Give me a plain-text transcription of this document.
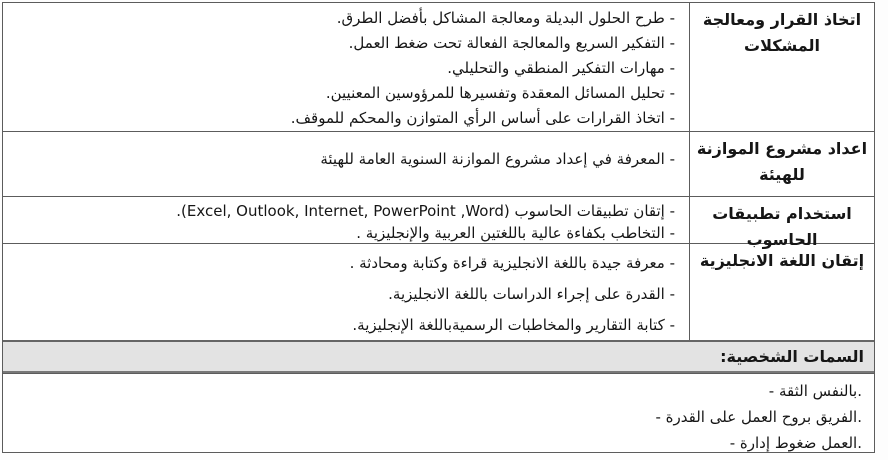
اتخاذ القرار ومعالجة المشكلات
- طرح الحلول البديلة ومعالجة المشاكل بأفضل الطرق.
- التفكير السريع والمعالجة الفعالة تحت ضغط العمل.
- مهارات التفكير المنطقي والتحليلي.
- تحليل المسائل المعقدة وتفسيرها للمرؤوسين المعنيين.
- اتخاذ القرارات على أساس الرأي المتوازن والمحكم للموقف.
اعداد مشروع الموازنة للهيئة
- المعرفة في إعداد مشروع الموازنة السنوية العامة للهيئة
استخدام تطبيقات الحاسوب
- إتقان تطبيقات الحاسوب (Excel, Outlook, Internet, PowerPoint ,Word).
- التخاطب بكفاءة عالية باللغتين العربية والإنجليزية .
إتقان اللغة الانجليزية
- معرفة جيدة باللغة الانجليزية قراءة وكتابة ومحادثة .
- القدرة على إجراء الدراسات باللغة الانجليزية.
- كتابة التقارير والمخاطبات الرسميةباللغة الإنجليزية.
السمات الشخصية:
- الثقة بالنفس.
- القدرة على العمل بروح الفريق.
- إدارة ضغوط العمل.
